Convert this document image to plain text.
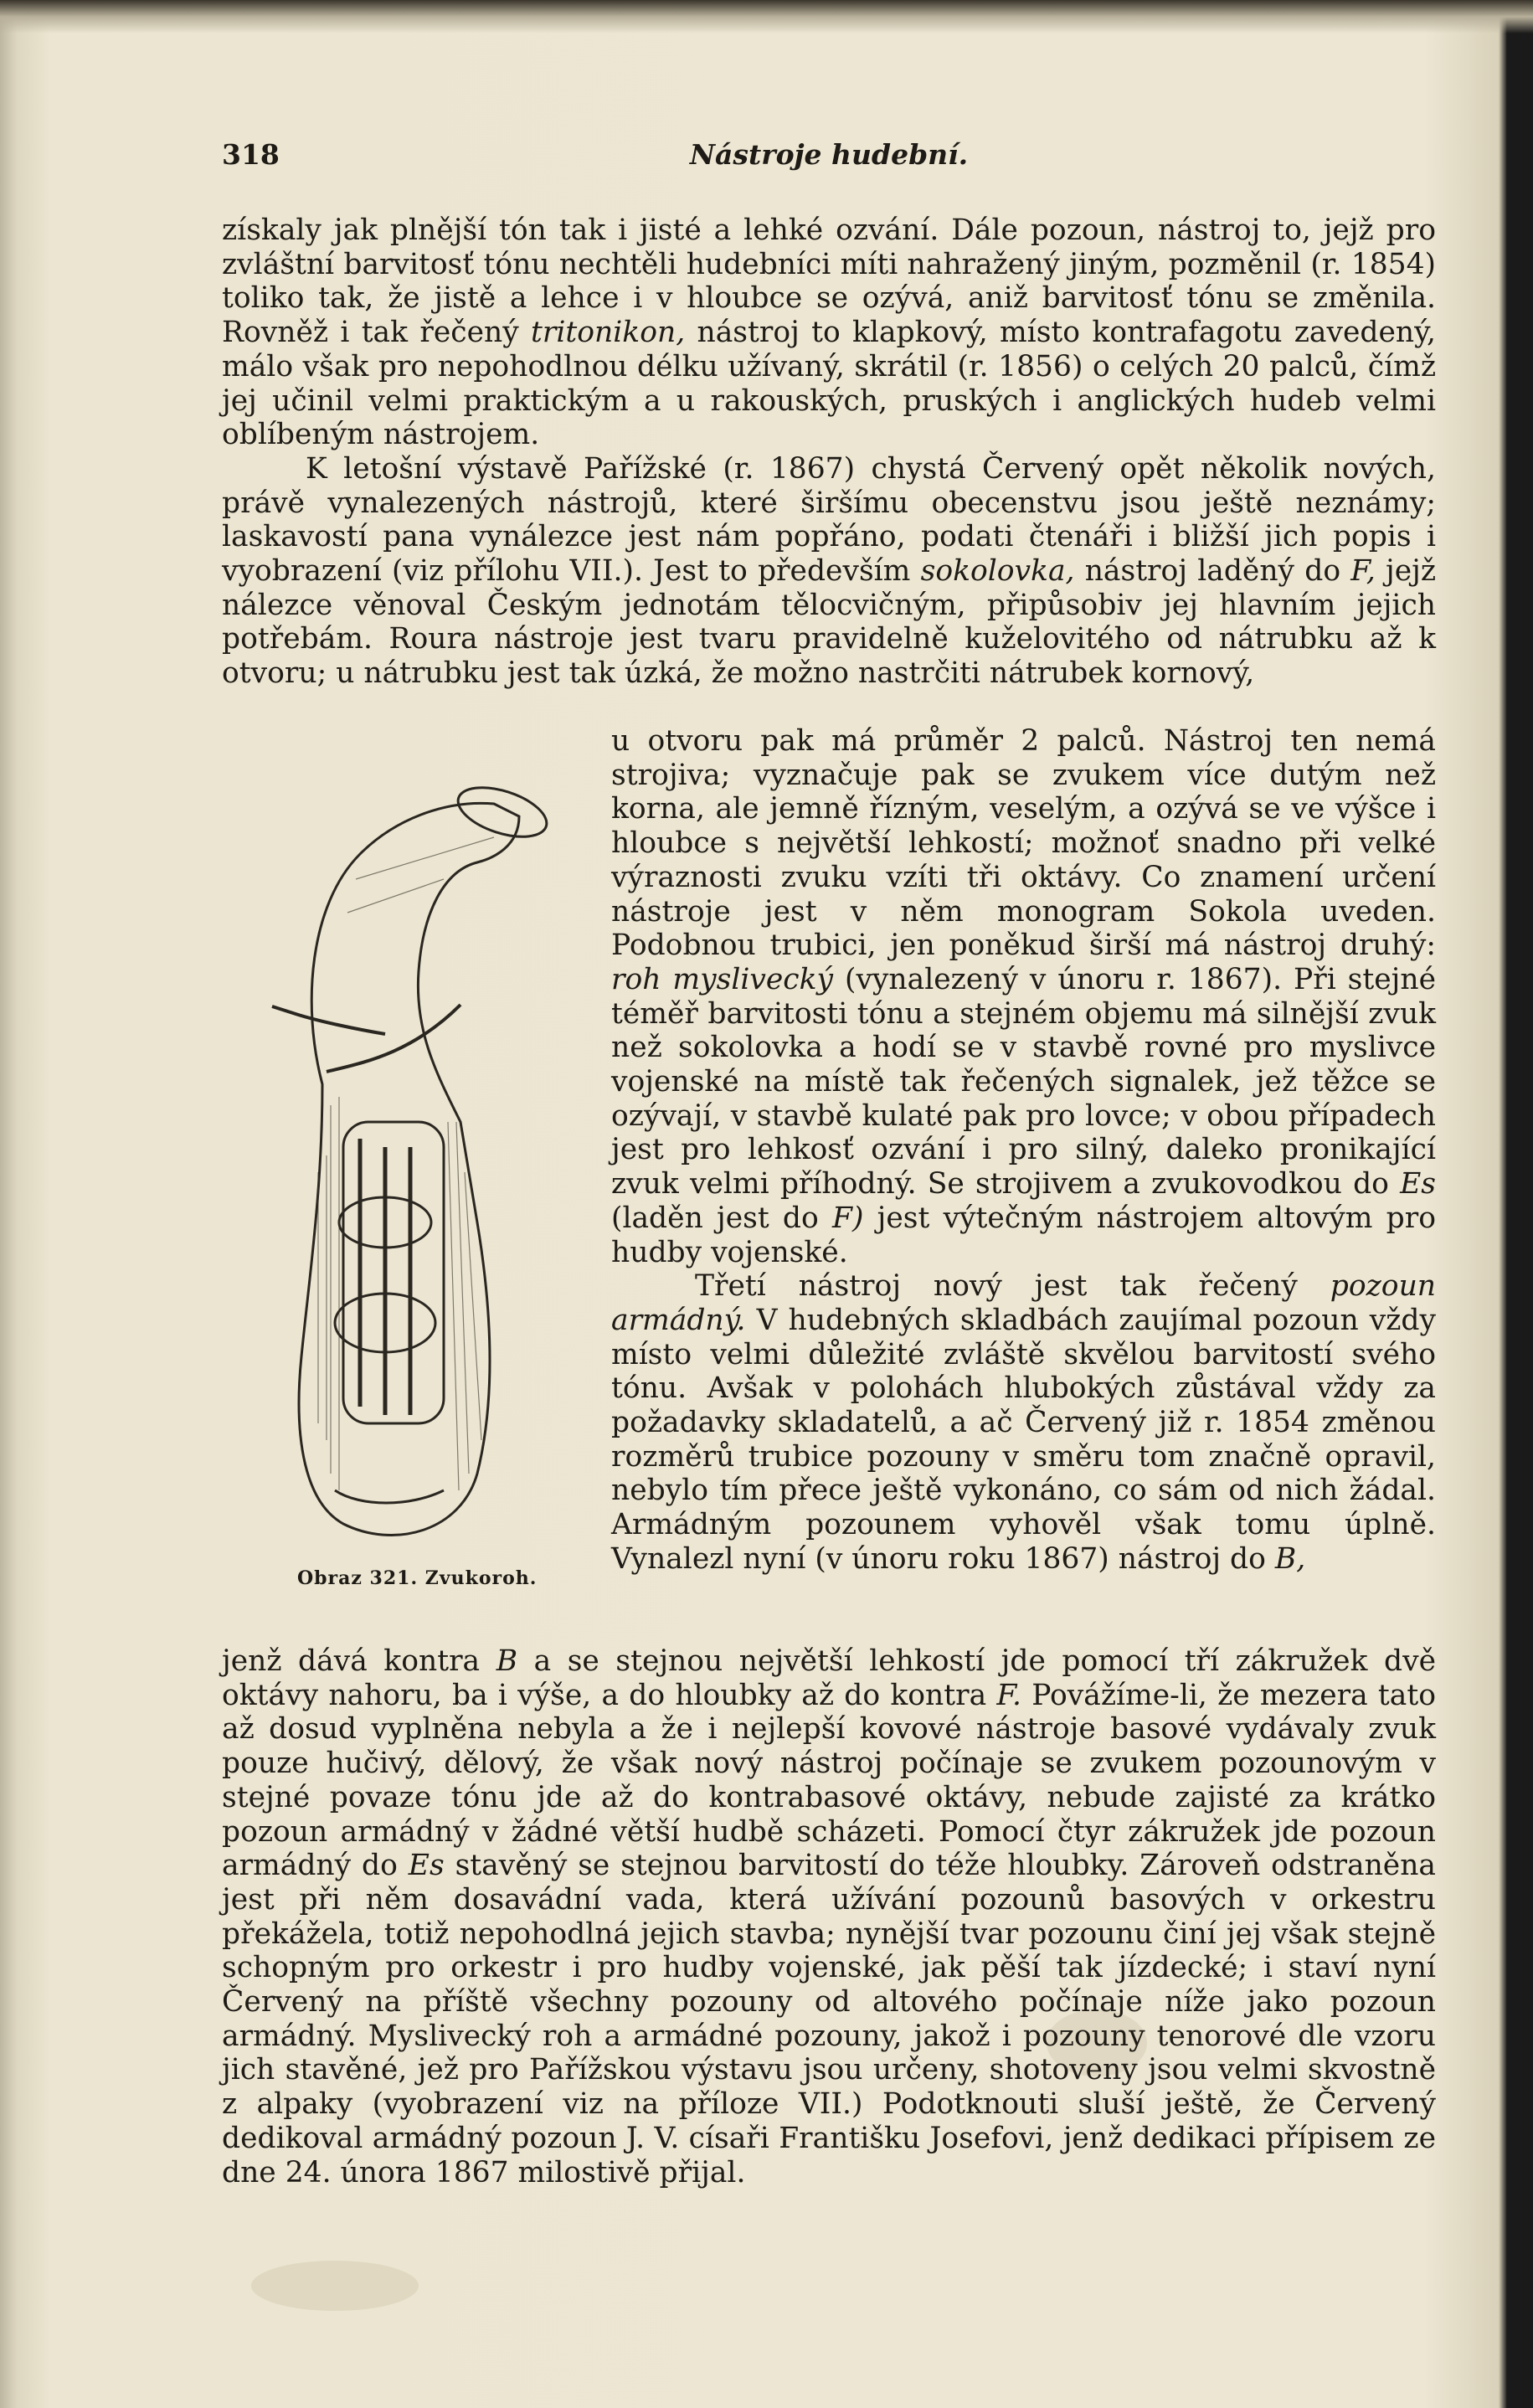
318	Nástroje hudební.

získaly jak plnější tón tak i jisté a lehké ozvání. Dále pozoun, nástroj to, jejž pro zvláštní barvitosť tónu nechtěli hudebníci míti nahražený jiným, pozměnil (r. 1854) toliko tak, že jistě a lehce i v hloubce se ozývá, aniž barvitosť tónu se změnila. Rovněž i tak řečený tritonikon, nástroj to klapkový, místo kontrafagotu zavedený, málo však pro nepohodlnou délku užívaný, skrátil (r. 1856) o celých 20 palců, čímž jej učinil velmi praktickým a u rakouských, pruských i anglických hudeb velmi oblíbeným nástrojem.

K letošní výstavě Pařížské (r. 1867) chystá Červený opět několik nových, právě vynalezených nástrojů, které širšímu obecenstvu jsou ještě neznámy; laskavostí pana vynálezce jest nám popřáno, podati čtenáři i bližší jich popis i vyobrazení (viz přílohu VII.). Jest to především sokolovka, nástroj laděný do F, jejž nálezce věnoval Českým jednotám tělocvičným, připůsobiv jej hlavním jejich potřebám. Roura nástroje jest tvaru pravidelně kuželovitého od nátrubku až k otvoru; u nátrubku jest tak úzká, že možno nastrčiti nátrubek kornový,

u otvoru pak má průměr 2 palců. Nástroj ten nemá strojiva; vyznačuje pak se zvukem více dutým než korna, ale jemně řízným, veselým, a ozývá se ve výšce i hloubce s největší lehkostí; možnoť snadno při velké výraznosti zvuku vzíti tři oktávy. Co znamení určení nástroje jest v něm monogram Sokola uveden. Podobnou trubici, jen poněkud širší má nástroj druhý: roh myslivecký (vynalezený v únoru r. 1867). Při stejné téměř barvitosti tónu a stejném objemu má silnější zvuk než sokolovka a hodí se v stavbě rovné pro myslivce vojenské na místě tak řečených signalek, jež těžce se ozývají, v stavbě kulaté pak pro lovce; v obou případech jest pro lehkosť ozvání i pro silný, daleko pronikající zvuk velmi příhodný. Se strojivem a zvukovodkou do Es (laděn jest do F) jest výtečným nástrojem altovým pro hudby vojenské.

Třetí nástroj nový jest tak řečený pozoun armádný. V hudebných skladbách zaujímal pozoun vždy místo velmi důležité zvláště skvělou barvitostí svého tónu. Avšak v polohách hlubokých zůstával vždy za požadavky skladatelů, a ač Červený již r. 1854 změnou rozměrů trubice pozouny v směru tom značně opravil, nebylo tím přece ještě vykonáno, co sám od nich žádal. Armádným pozounem vyhověl však tomu úplně. Vynalezl nyní (v únoru roku 1867) nástroj do B,

jenž dává kontra B a se stejnou největší lehkostí jde pomocí tří zákružek dvě oktávy nahoru, ba i výše, a do hloubky až do kontra F. Povážíme-li, že mezera tato až dosud vyplněna nebyla a že i nejlepší kovové nástroje basové vydávaly zvuk pouze hučivý, dělový, že však nový nástroj počínaje se zvukem pozounovým v stejné povaze tónu jde až do kontrabasové oktávy, nebude zajisté za krátko pozoun armádný v žádné větší hudbě scházeti. Pomocí čtyr zákružek jde pozoun armádný do Es stavěný se stejnou barvitostí do téže hloubky. Zároveň odstraněna jest při něm dosavádní vada, která užívání pozounů basových v orkestru překážela, totiž nepohodlná jejich stavba; nynější tvar pozounu činí jej však stejně schopným pro orkestr i pro hudby vojenské, jak pěší tak jízdecké; i staví nyní Červený na příště všechny pozouny od altového počínaje níže jako pozoun armádný. Myslivecký roh a armádné pozouny, jakož i pozouny tenorové dle vzoru jich stavěné, jež pro Pařížskou výstavu jsou určeny, shotoveny jsou velmi skvostně z alpaky (vyobrazení viz na příloze VII.) Podotknouti sluší ještě, že Červený dedikoval armádný pozoun J. V. císaři Františku Josefovi, jenž dedikaci přípisem ze dne 24. února 1867 milostivě přijal.

Obraz 321. Zvukoroh.
